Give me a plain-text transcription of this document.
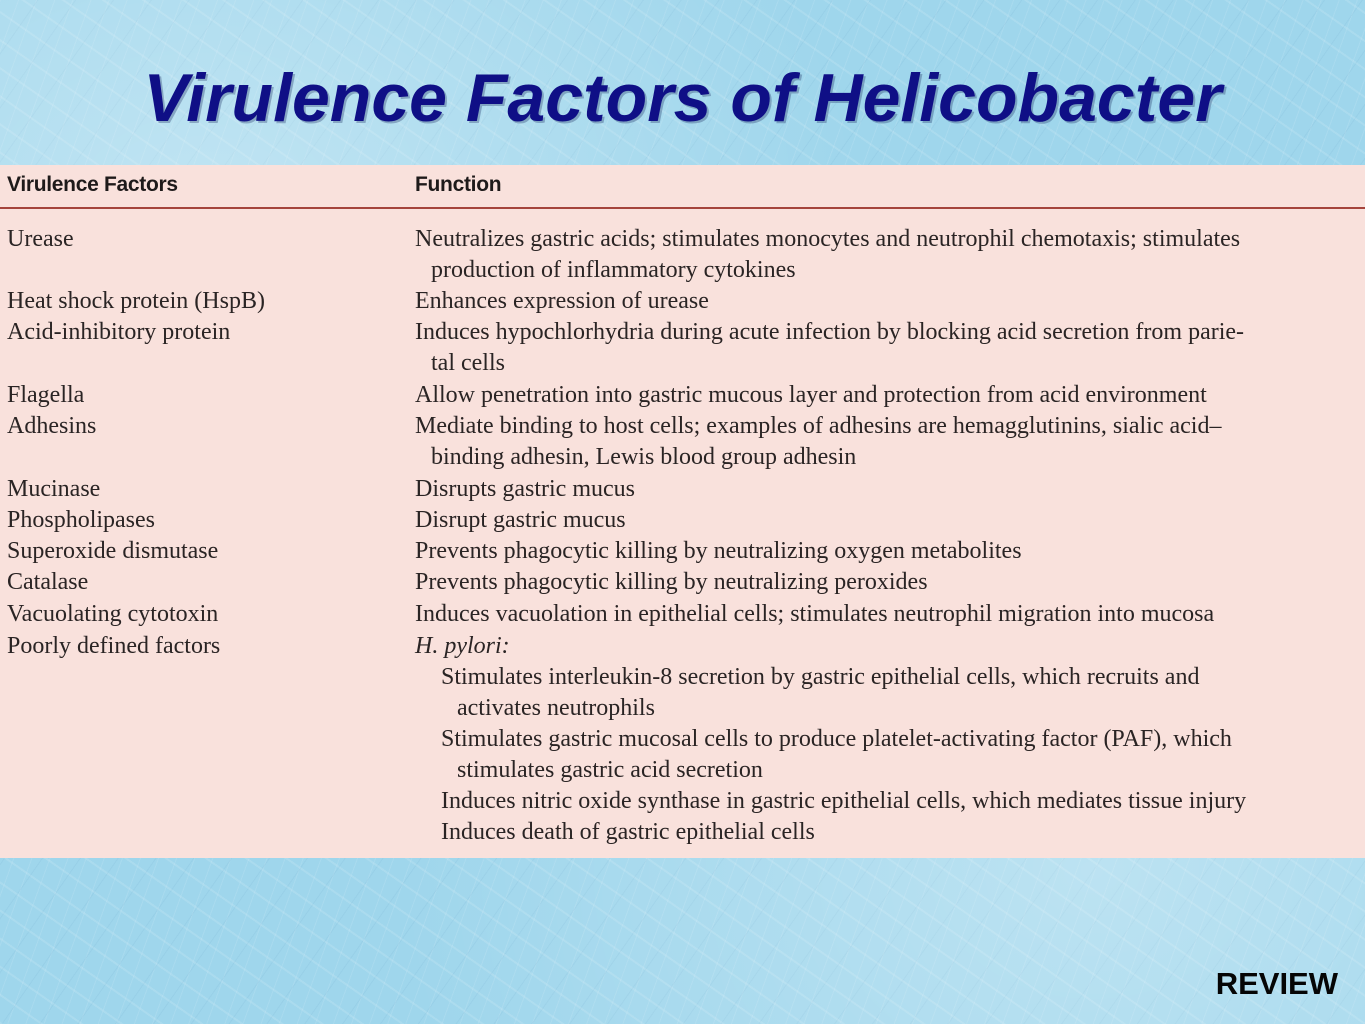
Virulence Factors of Helicobacter
Virulence Factors	Function
Urease	Neutralizes gastric acids; stimulates monocytes and neutrophil chemotaxis; stimulates
production of inflammatory cytokines
Heat shock protein (HspB)	Enhances expression of urease
Acid-inhibitory protein	Induces hypochlorhydria during acute infection by blocking acid secretion from parie-
tal cells
Flagella	Allow penetration into gastric mucous layer and protection from acid environment
Adhesins	Mediate binding to host cells; examples of adhesins are hemagglutinins, sialic acid–
binding adhesin, Lewis blood group adhesin
Mucinase	Disrupts gastric mucus
Phospholipases	Disrupt gastric mucus
Superoxide dismutase	Prevents phagocytic killing by neutralizing oxygen metabolites
Catalase	Prevents phagocytic killing by neutralizing peroxides
Vacuolating cytotoxin	Induces vacuolation in epithelial cells; stimulates neutrophil migration into mucosa
Poorly defined factors	H. pylori:
Stimulates interleukin-8 secretion by gastric epithelial cells, which recruits and
activates neutrophils
Stimulates gastric mucosal cells to produce platelet-activating factor (PAF), which
stimulates gastric acid secretion
Induces nitric oxide synthase in gastric epithelial cells, which mediates tissue injury
Induces death of gastric epithelial cells
REVIEW
